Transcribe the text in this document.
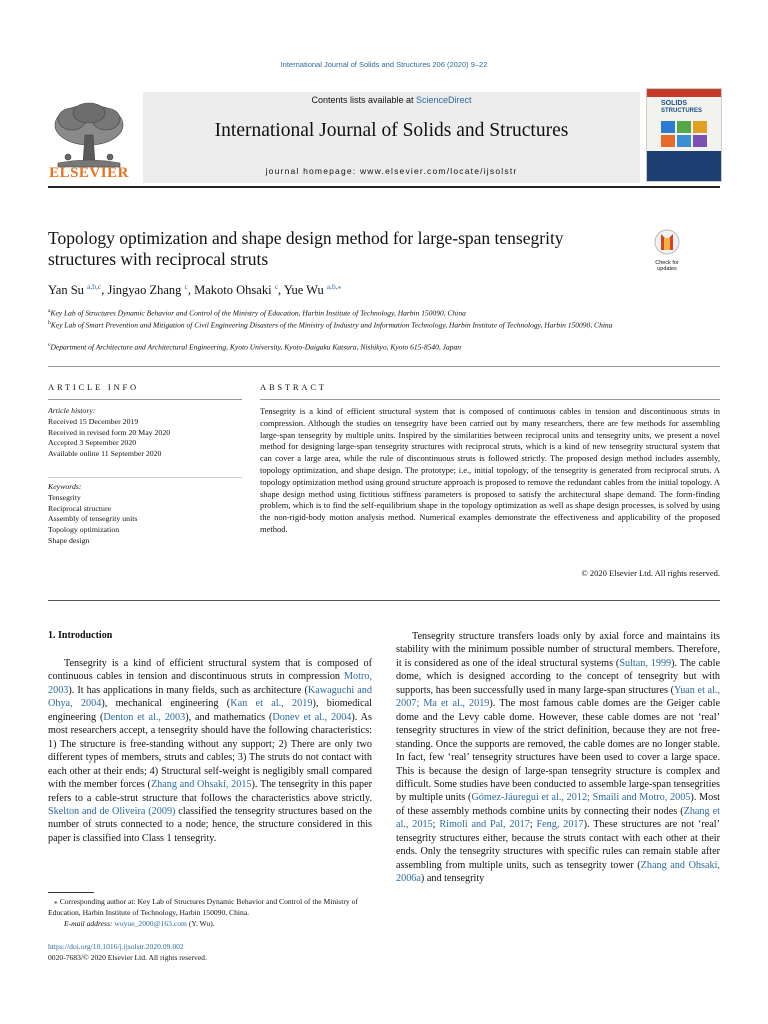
International Journal of Solids and Structures 206 (2020) 9–22
ELSEVIER
Contents lists available at ScienceDirect
International Journal of Solids and Structures
journal homepage: www.elsevier.com/locate/ijsolstr
SOLIDS
STRUCTURES
Topology optimization and shape design method for large-span tensegrity structures with reciprocal struts	Check for updates
Yan Su $^{a,b,c}$, Jingyao Zhang $^c$, Makoto Ohsaki $^c$, Yue Wu $^{a,b,⁎}$
$^a$Key Lab of Structures Dynamic Behavior and Control of the Ministry of Education, Harbin Institute of Technology, Harbin 150090, China
$^b$Key Lab of Smart Prevention and Mitigation of Civil Engineering Disasters of the Ministry of Industry and Information Technology, Harbin Institute of Technology, Harbin 150090, China
$^c$Department of Architecture and Architectural Engineering, Kyoto University, Kyoto-Daigaku Katsura, Nishikyo, Kyoto 615-8540, Japan
ARTICLE INFO
Article history:
Received 15 December 2019
Received in revised form 20 May 2020
Accepted 3 September 2020
Available online 11 September 2020
Keywords:
Tensegrity
Reciprocal structure
Assembly of tensegrity units
Topology optimization
Shape design
ABSTRACT
Tensegrity is a kind of efficient structural system that is composed of continuous cables in tension and discontinuous struts in compression. Although the studies on tensegrity have been carried out by many researchers, there are few methods for assembling large-span tensegrity by multiple units. Inspired by the similarities between reciprocal units and tensegrity units, we present a novel method for designing large-span tensegrity structures with reciprocal struts, which is a kind of new tensegrity structural system that can cover a large area, while the rule of discontinuous struts is followed strictly. The proposed design method includes assembly, topology optimization, and shape design. The prototype; i.e., initial topology, of the tensegrity is generated from reciprocal struts. A topology optimization method using ground structure approach is proposed to remove the redundant cables from the initial topology. A shape design method using fictitious stiffness parameters is proposed to satisfy the architectural shape demand. The form-finding problem, which is to find the self-equilibrium shape in the topology optimization as well as shape design processes, is solved by using the non-rigid-body motion analysis method. Numerical examples demonstrate the effectiveness and applicability of the proposed method.
© 2020 Elsevier Ltd. All rights reserved.
1. Introduction
Tensegrity is a kind of efficient structural system that is composed of continuous cables in tension and discontinuous struts in compression Motro, 2003). It has applications in many fields, such as architecture (Kawaguchi and Ohya, 2004), mechanical engineering (Kan et al., 2019), biomedical engineering (Denton et al., 2003), and mathematics (Donev et al., 2004). As most researchers accept, a tensegrity should have the following characteristics: 1) The structure is free-standing without any support; 2) There are only two different types of members, struts and cables; 3) The struts do not contact with each other at their ends; 4) Structural self-weight is negligibly small compared with the member forces (Zhang and Ohsaki, 2015). The tensegrity in this paper refers to a cable-strut structure that follows the characteristics above strictly. Skelton and de Oliveira (2009) classified the tensegrity structures based on the number of struts connected to a node; hence, the structure considered in this paper is classified into Class 1 tensegrity.
Tensegrity structure transfers loads only by axial force and maintains its stability with the minimum possible number of structural members. Therefore, it is considered as one of the ideal structural systems (Sultan, 1999). The cable dome, which is designed according to the concept of tensegrity but with supports, has been successfully used in many large-span structures (Yuan et al., 2007; Ma et al., 2019). The most famous cable domes are the Geiger cable dome and the Levy cable dome. However, these cable domes are not ‘real’ tensegrity structures in view of the strict definition, because they are not free-standing. Once the supports are removed, the cable domes are no longer stable. In fact, few ‘real’ tensegrity structures have been used to cover a large space. This is because the design of large-span tensegrity structure is complex and difficult. Some studies have been conducted to assemble large-span tensegrities by multiple units (Gómez-Jáuregui et al., 2012; Smaili and Motro, 2005). Most of these assembly methods combine units by connecting their nodes (Zhang et al., 2015; Rimoli and Pal, 2017; Feng, 2017). These structures are not ‘real’ tensegrity structures either, because the struts contact with each other at their ends. Only the tensegrity structures with specific rules can remain stable after assembling from multiple units, such as tensegrity tower (Zhang and Ohsaki, 2006a) and tensegrity
⁎ Corresponding author at: Key Lab of Structures Dynamic Behavior and Control of the Ministry of Education, Harbin Institute of Technology, Harbin 150090, China.
E-mail address: wuyue_2000@163.com (Y. Wu).
https://doi.org/10.1016/j.ijsolstr.2020.09.002
0020-7683/© 2020 Elsevier Ltd. All rights reserved.
